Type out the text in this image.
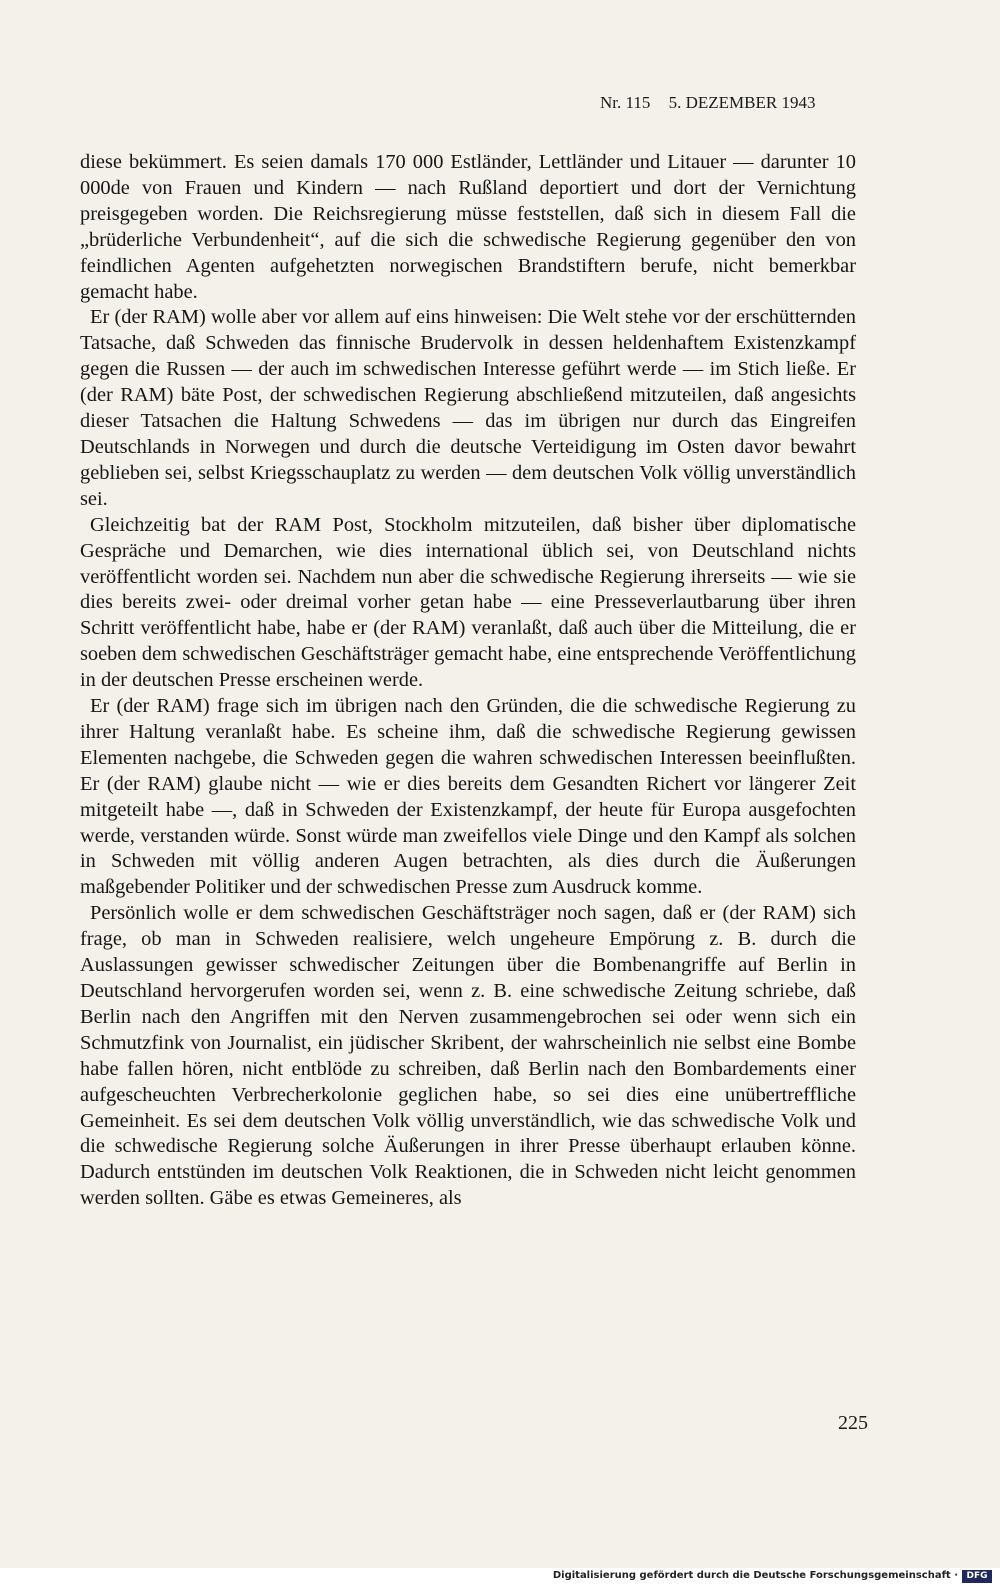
Nr. 115 5. DEZEMBER 1943

diese bekümmert. Es seien damals 170 000 Estländer, Lettländer und Litauer — darunter 10 000de von Frauen und Kindern — nach Rußland deportiert und dort der Vernichtung preisgegeben worden. Die Reichsregierung müsse feststellen, daß sich in diesem Fall die „brüderliche Verbundenheit“, auf die sich die schwedische Regierung gegenüber den von feindlichen Agenten aufgehetzten norwegischen Brandstiftern berufe, nicht bemerkbar gemacht habe.

Er (der RAM) wolle aber vor allem auf eins hinweisen: Die Welt stehe vor der erschütternden Tatsache, daß Schweden das finnische Brudervolk in dessen heldenhaftem Existenzkampf gegen die Russen — der auch im schwedischen Interesse geführt werde — im Stich ließe. Er (der RAM) bäte Post, der schwedischen Regierung abschließend mitzuteilen, daß angesichts dieser Tatsachen die Haltung Schwedens — das im übrigen nur durch das Eingreifen Deutschlands in Norwegen und durch die deutsche Verteidigung im Osten davor bewahrt geblieben sei, selbst Kriegsschauplatz zu werden — dem deutschen Volk völlig unverständlich sei.

Gleichzeitig bat der RAM Post, Stockholm mitzuteilen, daß bisher über diplomatische Gespräche und Demarchen, wie dies international üblich sei, von Deutschland nichts veröffentlicht worden sei. Nachdem nun aber die schwedische Regierung ihrerseits — wie sie dies bereits zwei- oder dreimal vorher getan habe — eine Presseverlautbarung über ihren Schritt veröffentlicht habe, habe er (der RAM) veranlaßt, daß auch über die Mitteilung, die er soeben dem schwedischen Geschäftsträger gemacht habe, eine entsprechende Veröffentlichung in der deutschen Presse erscheinen werde.

Er (der RAM) frage sich im übrigen nach den Gründen, die die schwedische Regierung zu ihrer Haltung veranlaßt habe. Es scheine ihm, daß die schwedische Regierung gewissen Elementen nachgebe, die Schweden gegen die wahren schwedischen Interessen beeinflußten. Er (der RAM) glaube nicht — wie er dies bereits dem Gesandten Richert vor längerer Zeit mitgeteilt habe —, daß in Schweden der Existenzkampf, der heute für Europa ausgefochten werde, verstanden würde. Sonst würde man zweifellos viele Dinge und den Kampf als solchen in Schweden mit völlig anderen Augen betrachten, als dies durch die Äußerungen maßgebender Politiker und der schwedischen Presse zum Ausdruck komme.

Persönlich wolle er dem schwedischen Geschäftsträger noch sagen, daß er (der RAM) sich frage, ob man in Schweden realisiere, welch ungeheure Empörung z. B. durch die Auslassungen gewisser schwedischer Zeitungen über die Bombenangriffe auf Berlin in Deutschland hervorgerufen worden sei, wenn z. B. eine schwedische Zeitung schriebe, daß Berlin nach den Angriffen mit den Nerven zusammengebrochen sei oder wenn sich ein Schmutzfink von Journalist, ein jüdischer Skribent, der wahrscheinlich nie selbst eine Bombe habe fallen hören, nicht entblöde zu schreiben, daß Berlin nach den Bombardements einer aufgescheuchten Verbrecherkolonie geglichen habe, so sei dies eine unübertreffliche Gemeinheit. Es sei dem deutschen Volk völlig unverständlich, wie das schwedische Volk und die schwedische Regierung solche Äußerungen in ihrer Presse überhaupt erlauben könne. Dadurch entstünden im deutschen Volk Reaktionen, die in Schweden nicht leicht genommen werden sollten. Gäbe es etwas Gemeineres, als

225
Digitalisierung gefördert durch die Deutsche Forschungsgemeinschaft · DFG
